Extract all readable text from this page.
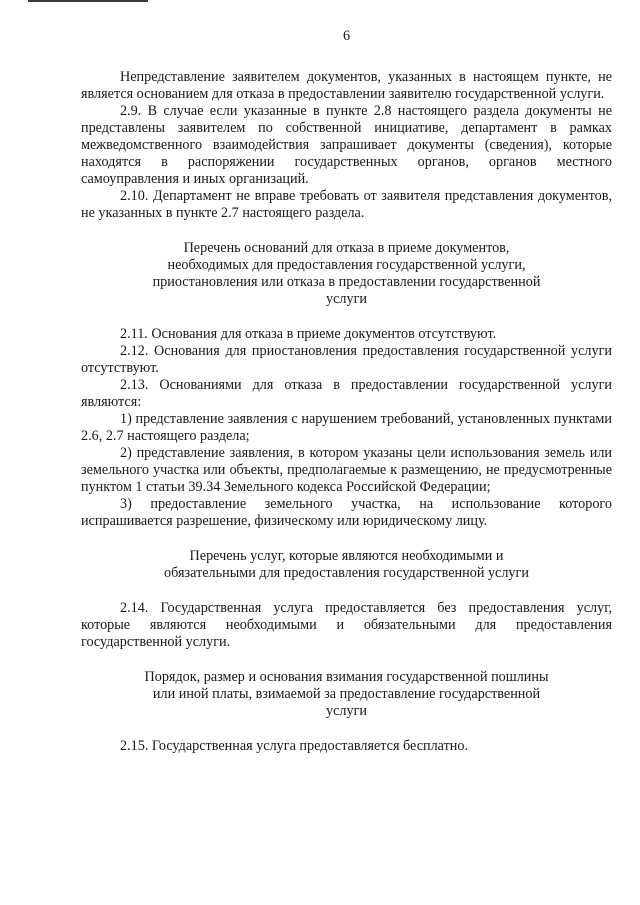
6

Непредставление заявителем документов, указанных в настоящем пункте, не является основанием для отказа в предоставлении заявителю государственной услуги.

2.9. В случае если указанные в пункте 2.8 настоящего раздела документы не представлены заявителем по собственной инициативе, департамент в рамках межведомственного взаимодействия запрашивает документы (сведения), которые находятся в распоряжении государственных органов, органов местного самоуправления и иных организаций.

2.10. Департамент не вправе требовать от заявителя представления документов, не указанных в пункте 2.7 настоящего раздела.

Перечень оснований для отказа в приеме документов,
необходимых для предоставления государственной услуги,
приостановления или отказа в предоставлении государственной
услуги

2.11. Основания для отказа в приеме документов отсутствуют.

2.12. Основания для приостановления предоставления государственной услуги отсутствуют.

2.13. Основаниями для отказа в предоставлении государственной услуги являются:

1) представление заявления с нарушением требований, установленных пунктами 2.6, 2.7 настоящего раздела;

2) представление заявления, в котором указаны цели использования земель или земельного участка или объекты, предполагаемые к размещению, не предусмотренные пунктом 1 статьи 39.34 Земельного кодекса Российской Федерации;

3) предоставление земельного участка, на использование которого испрашивается разрешение, физическому или юридическому лицу.

Перечень услуг, которые являются необходимыми и
обязательными для предоставления государственной услуги

2.14. Государственная услуга предоставляется без предоставления услуг, которые являются необходимыми и обязательными для предоставления государственной услуги.

Порядок, размер и основания взимания государственной пошлины
или иной платы, взимаемой за предоставление государственной
услуги

2.15. Государственная услуга предоставляется бесплатно.
